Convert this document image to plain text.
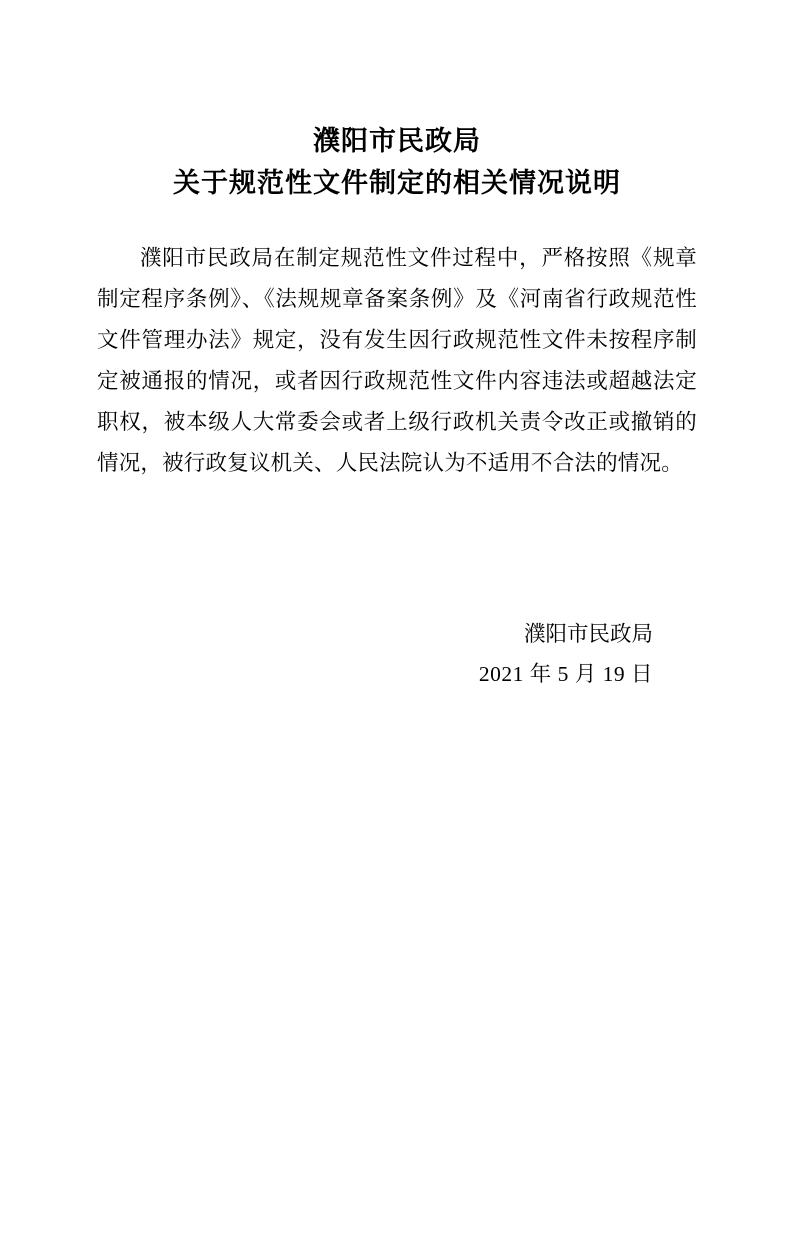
濮阳市民政局
关于规范性文件制定的相关情况说明

濮阳市民政局在制定规范性文件过程中，严格按照《规章制定程序条例》、《法规规章备案条例》及《河南省行政规范性文件管理办法》规定，没有发生因行政规范性文件未按程序制定被通报的情况，或者因行政规范性文件内容违法或超越法定职权，被本级人大常委会或者上级行政机关责令改正或撤销的情况，被行政复议机关、人民法院认为不适用不合法的情况。

濮阳市民政局
2021 年 5 月 19 日
